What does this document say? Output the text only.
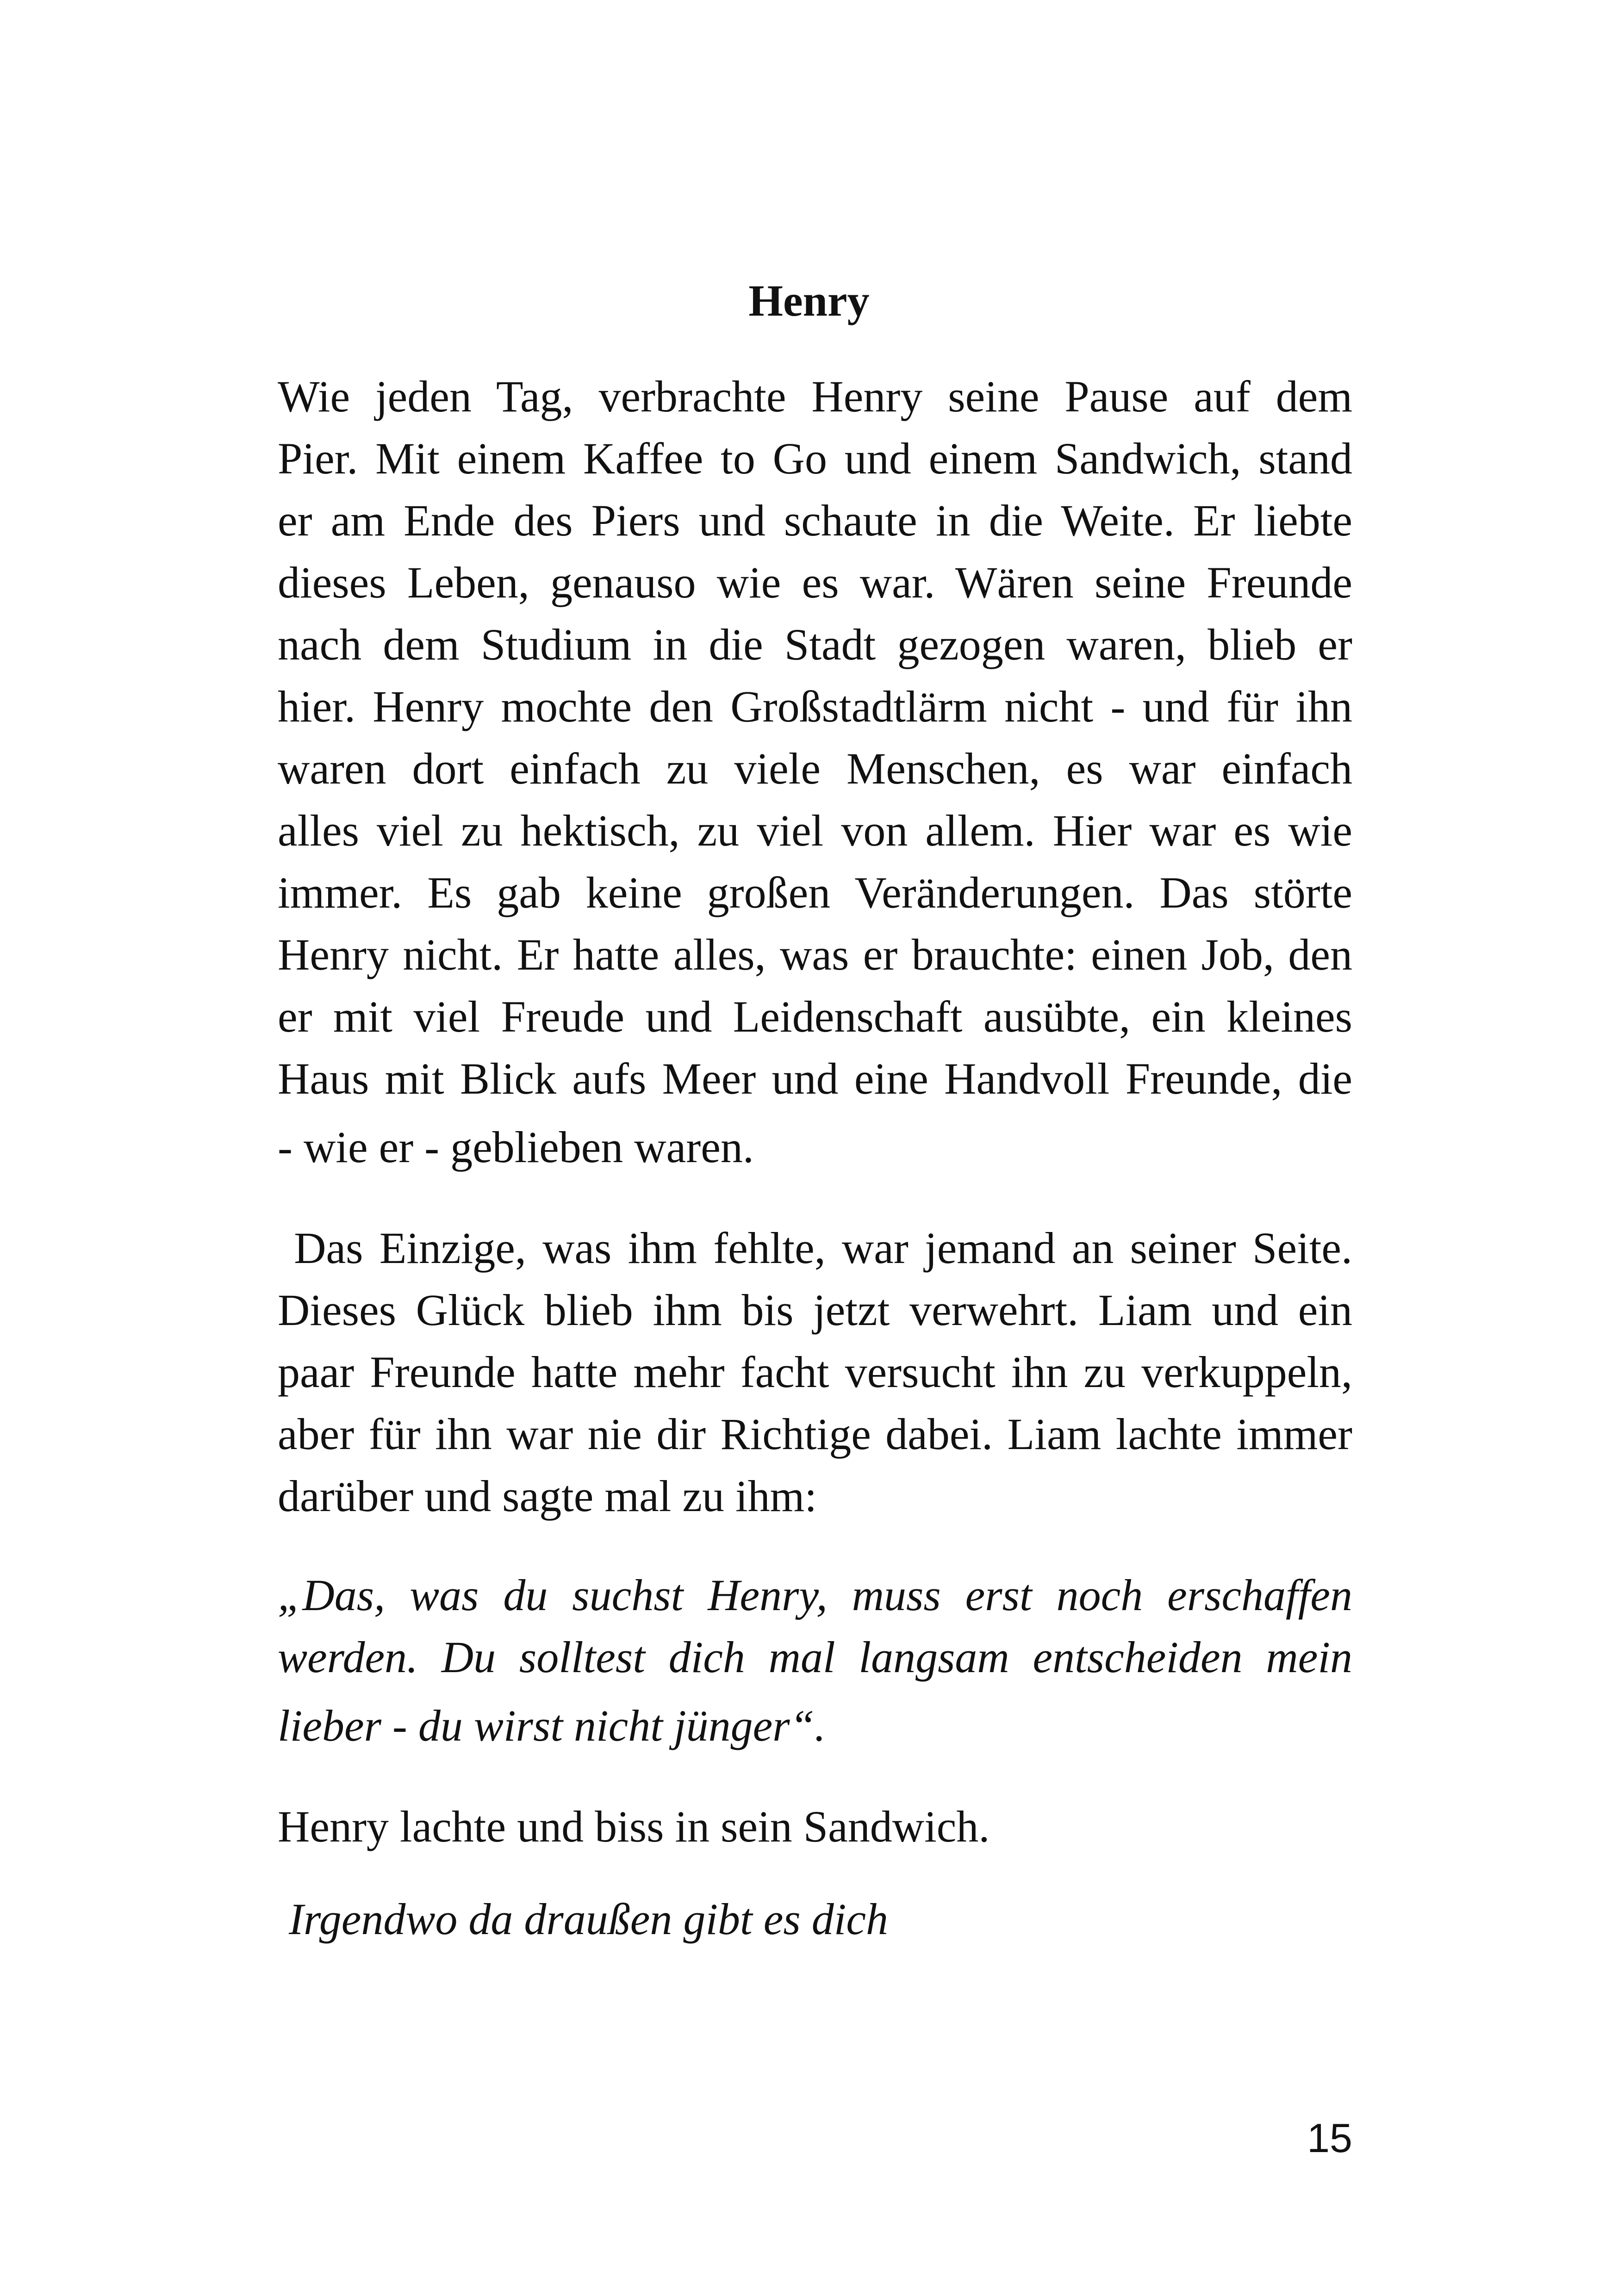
Henry
Wie jeden Tag, verbrachte Henry seine Pause auf dem
Pier. Mit einem Kaffee to Go und einem Sandwich, stand
er am Ende des Piers und schaute in die Weite. Er liebte
dieses Leben, genauso wie es war. Wären seine Freunde
nach dem Studium in die Stadt gezogen waren, blieb er
hier. Henry mochte den Großstadtlärm nicht - und für ihn
waren dort einfach zu viele Menschen, es war einfach
alles viel zu hektisch, zu viel von allem. Hier war es wie
immer. Es gab keine großen Veränderungen. Das störte
Henry nicht. Er hatte alles, was er brauchte: einen Job, den
er mit viel Freude und Leidenschaft ausübte, ein kleines
Haus mit Blick aufs Meer und eine Handvoll Freunde, die
- wie er - geblieben waren.
Das Einzige, was ihm fehlte, war jemand an seiner Seite.
Dieses Glück blieb ihm bis jetzt verwehrt. Liam und ein
paar Freunde hatte mehr facht versucht ihn zu verkuppeln,
aber für ihn war nie dir Richtige dabei. Liam lachte immer
darüber und sagte mal zu ihm:
„Das, was du suchst Henry, muss erst noch erschaffen
werden. Du solltest dich mal langsam entscheiden mein
lieber - du wirst nicht jünger“.
Henry lachte und biss in sein Sandwich.
Irgendwo da draußen gibt es dich
15
